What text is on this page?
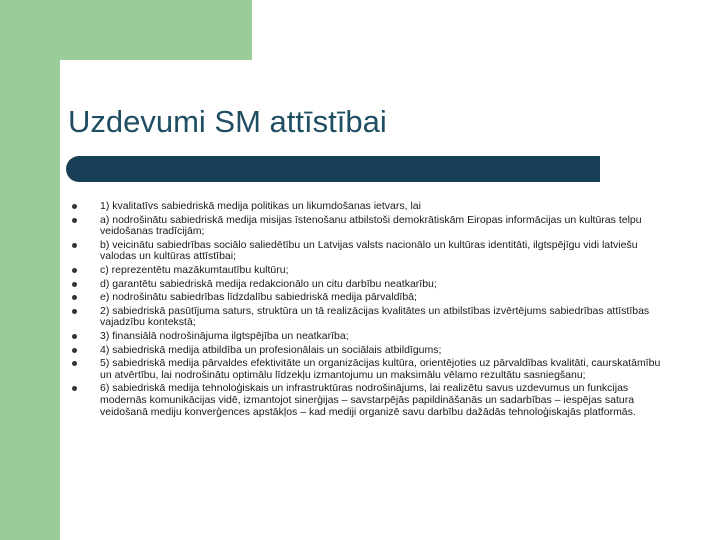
Uzdevumi SM attīstībai
1) kvalitatīvs sabiedriskā medija politikas un likumdošanas ietvars, lai
a) nodrošinātu sabiedriskā medija misijas īstenošanu atbilstoši demokrātiskām Eiropas informācijas un kultūras telpu veidošanas tradīcijām;
b) veicinātu sabiedrības sociālo saliedētību un Latvijas valsts nacionālo un kultūras identitāti, ilgtspējīgu vidi latviešu valodas un kultūras attīstībai;
c) reprezentētu mazākumtautību kultūru;
d) garantētu sabiedriskā medija redakcionālo un citu darbību neatkarību;
e) nodrošinātu sabiedrības līdzdalību sabiedriskā medija pārvaldībā;
2) sabiedriskā pasūtījuma saturs, struktūra un tā realizācijas kvalitātes un atbilstības izvērtējums sabiedrības attīstības vajadzību kontekstā;
3) finansiālā nodrošinājuma ilgtspējība un neatkarība;
4) sabiedriskā medija atbildība un profesionālais un sociālais atbildīgums;
5) sabiedriskā medija pārvaldes efektivitāte un organizācijas kultūra, orientējoties uz pārvaldības kvalitāti, caurskatāmību un atvērtību, lai nodrošinātu optimālu līdzekļu izmantojumu un maksimālu vēlamo rezultātu sasniegšanu;
6) sabiedriskā medija tehnoloģiskais un infrastruktūras nodrošinājums, lai realizētu savus uzdevumus un funkcijas modernās komunikācijas vidē, izmantojot sinerģijas – savstarpējās papildināšanās un sadarbības – iespējas satura veidošanā mediju konverģences apstākļos – kad mediji organizē savu darbību dažādās tehnoloģiskajās platformās.
